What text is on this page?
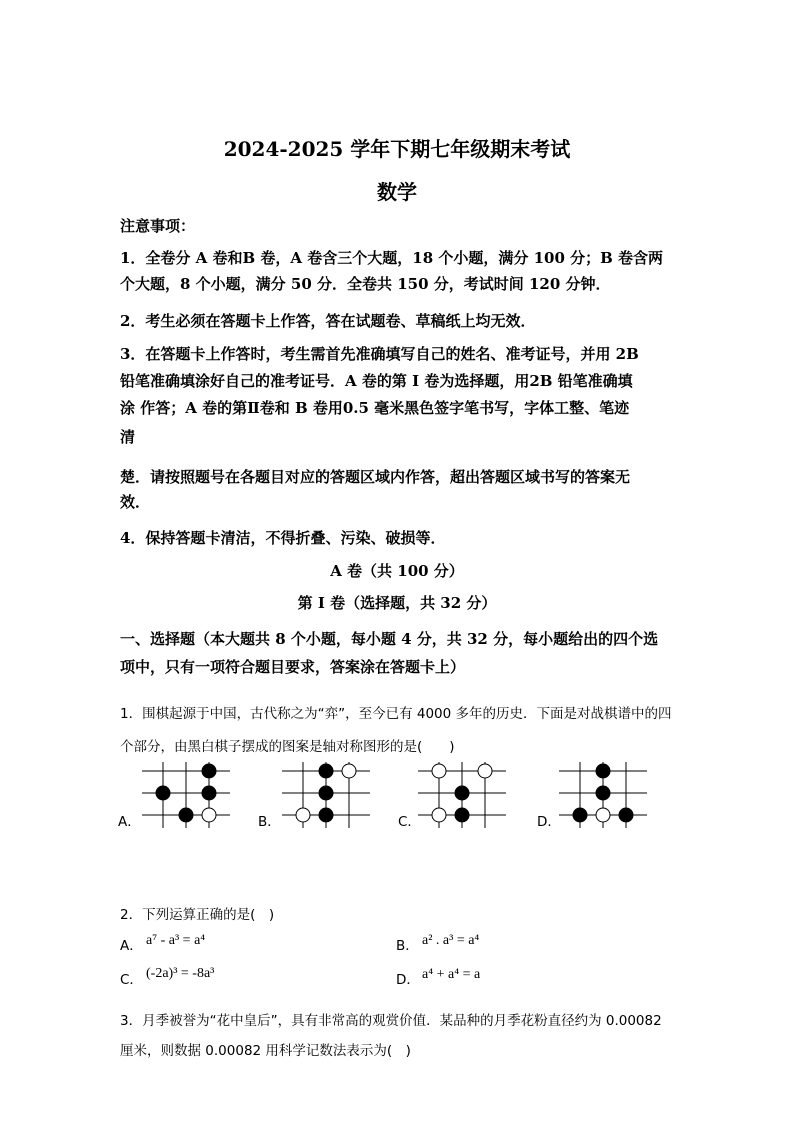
2024-2025 学年下期七年级期末考试
数学
注意事项：
1．全卷分 A 卷和B 卷，A 卷含三个大题，18 个小题，满分 100 分；B 卷含两
个大题，8 个小题，满分 50 分．全卷共 150 分，考试时间 120 分钟．
2．考生必须在答题卡上作答，答在试题卷、草稿纸上均无效．
3．在答题卡上作答时，考生需首先准确填写自己的姓名、准考证号，并用 2B
铅笔准确填涂好自己的准考证号．A 卷的第 I 卷为选择题，用2B 铅笔准确填
涂 作答；A 卷的第Ⅱ卷和 B 卷用0.5 毫米黑色签字笔书写，字体工整、笔迹
清
楚．请按照题号在各题目对应的答题区域内作答，超出答题区域书写的答案无
效．
4．保持答题卡清洁，不得折叠、污染、破损等．
A 卷（共 100 分）
第 I 卷（选择题，共 32 分）
一、选择题（本大题共 8 个小题，每小题 4 分，共 32 分，每小题给出的四个选
项中，只有一项符合题目要求，答案涂在答题卡上）
1．围棋起源于中国，古代称之为“弈”，至今已有 4000 多年的历史．下面是对战棋谱中的四
个部分，由黑白棋子摆成的图案是轴对称图形的是(　　)
A．	B．	C．	D．
2．下列运算正确的是(　)
A． a⁷ - a³ = a⁴	B． a² . a³ = a⁴
C． (-2a)³ = -8a³	D． a⁴ + a⁴ = a
3．月季被誉为“花中皇后”，具有非常高的观赏价值．某品种的月季花粉直径约为 0.00082
厘米，则数据 0.00082 用科学记数法表示为(　)
